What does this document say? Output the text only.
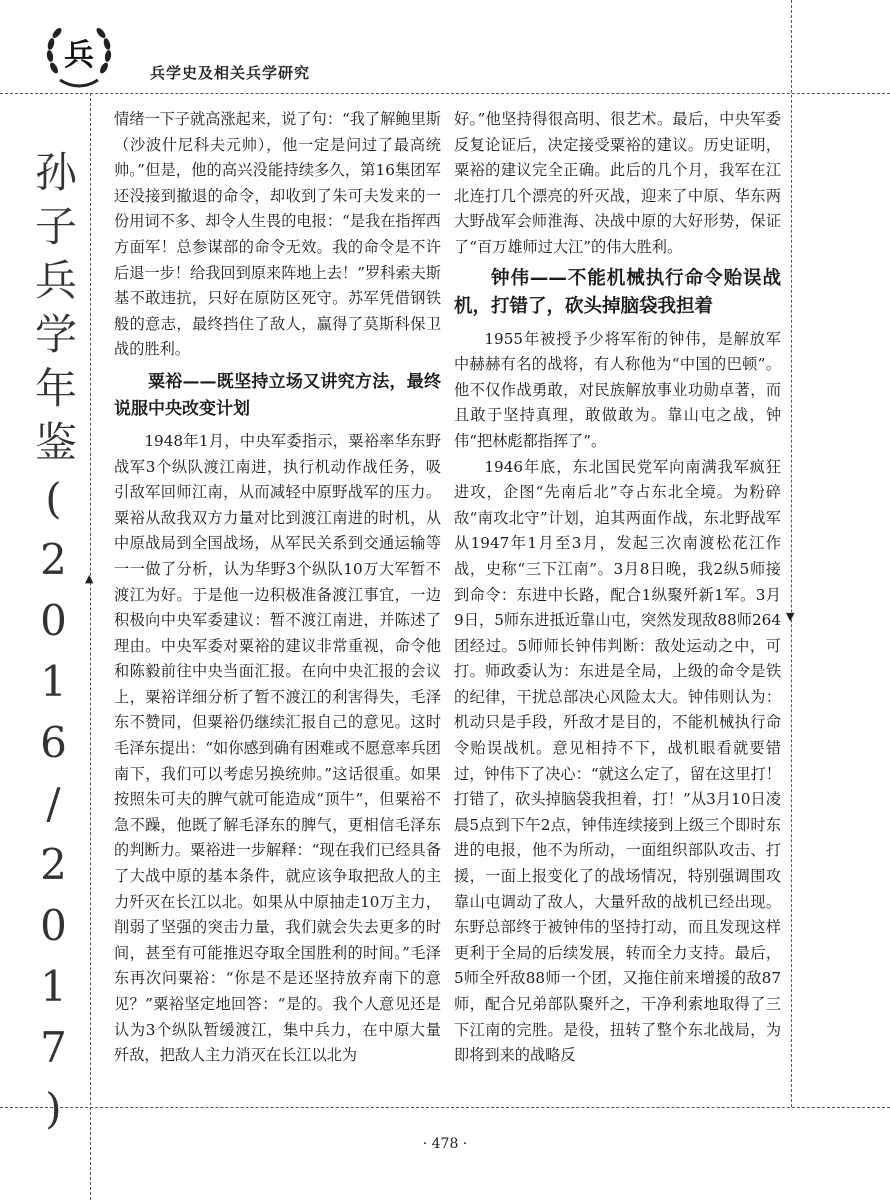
兵	兵学史及相关兵学研究
孙子兵学年鉴(2016/2017) ▲
▼

情绪一下子就高涨起来，说了句：“我了解鲍里斯（沙波什尼科夫元帅），他一定是问过了最高统帅。”但是，他的高兴没能持续多久，第16集团军还没接到撤退的命令，却收到了朱可夫发来的一份用词不多、却令人生畏的电报：“是我在指挥西方面军！总参谋部的命令无效。我的命令是不许后退一步！给我回到原来阵地上去！”罗科索夫斯基不敢违抗，只好在原防区死守。苏军凭借钢铁般的意志，最终挡住了敌人，赢得了莫斯科保卫战的胜利。

粟裕——既坚持立场又讲究方法，最终说服中央改变计划

1948年1月，中央军委指示，粟裕率华东野战军3个纵队渡江南进，执行机动作战任务，吸引敌军回师江南，从而减轻中原野战军的压力。粟裕从敌我双方力量对比到渡江南进的时机，从中原战局到全国战场，从军民关系到交通运输等一一做了分析，认为华野3个纵队10万大军暂不渡江为好。于是他一边积极准备渡江事宜，一边积极向中央军委建议：暂不渡江南进，并陈述了理由。中央军委对粟裕的建议非常重视，命令他和陈毅前往中央当面汇报。在向中央汇报的会议上，粟裕详细分析了暂不渡江的利害得失，毛泽东不赞同，但粟裕仍继续汇报自己的意见。这时毛泽东提出：“如你感到确有困难或不愿意率兵团南下，我们可以考虑另换统帅。”这话很重。如果按照朱可夫的脾气就可能造成“顶牛”，但粟裕不急不躁，他既了解毛泽东的脾气，更相信毛泽东的判断力。粟裕进一步解释：“现在我们已经具备了大战中原的基本条件，就应该争取把敌人的主力歼灭在长江以北。如果从中原抽走10万主力，削弱了坚强的突击力量，我们就会失去更多的时间，甚至有可能推迟夺取全国胜利的时间。”毛泽东再次问粟裕：“你是不是还坚持放弃南下的意见？”粟裕坚定地回答：“是的。我个人意见还是认为3个纵队暂缓渡江，集中兵力，在中原大量歼敌，把敌人主力消灭在长江以北为

好。”他坚持得很高明、很艺术。最后，中央军委反复论证后，决定接受粟裕的建议。历史证明，粟裕的建议完全正确。此后的几个月，我军在江北连打几个漂亮的歼灭战，迎来了中原、华东两大野战军会师淮海、决战中原的大好形势，保证了“百万雄师过大江”的伟大胜利。

钟伟——不能机械执行命令贻误战机，打错了，砍头掉脑袋我担着

1955年被授予少将军衔的钟伟，是解放军中赫赫有名的战将，有人称他为“中国的巴顿”。他不仅作战勇敢，对民族解放事业功勋卓著，而且敢于坚持真理，敢做敢为。靠山屯之战，钟伟“把林彪都指挥了”。

1946年底，东北国民党军向南满我军疯狂进攻，企图“先南后北”夺占东北全境。为粉碎敌“南攻北守”计划，迫其两面作战，东北野战军从1947年1月至3月，发起三次南渡松花江作战，史称“三下江南”。3月8日晚，我2纵5师接到命令：东进中长路，配合1纵聚歼新1军。3月9日，5师东进抵近靠山屯，突然发现敌88师264团经过。5师师长钟伟判断：敌处运动之中，可打。师政委认为：东进是全局，上级的命令是铁的纪律，干扰总部决心风险太大。钟伟则认为：机动只是手段，歼敌才是目的，不能机械执行命令贻误战机。意见相持不下，战机眼看就要错过，钟伟下了决心：“就这么定了，留在这里打！打错了，砍头掉脑袋我担着，打！”从3月10日凌晨5点到下午2点，钟伟连续接到上级三个即时东进的电报，他不为所动，一面组织部队攻击、打援，一面上报变化了的战场情况，特别强调围攻靠山屯调动了敌人，大量歼敌的战机已经出现。东野总部终于被钟伟的坚持打动，而且发现这样更利于全局的后续发展，转而全力支持。最后，5师全歼敌88师一个团，又拖住前来增援的敌87师，配合兄弟部队聚歼之，干净利索地取得了三下江南的完胜。是役，扭转了整个东北战局，为即将到来的战略反

· 478 ·
